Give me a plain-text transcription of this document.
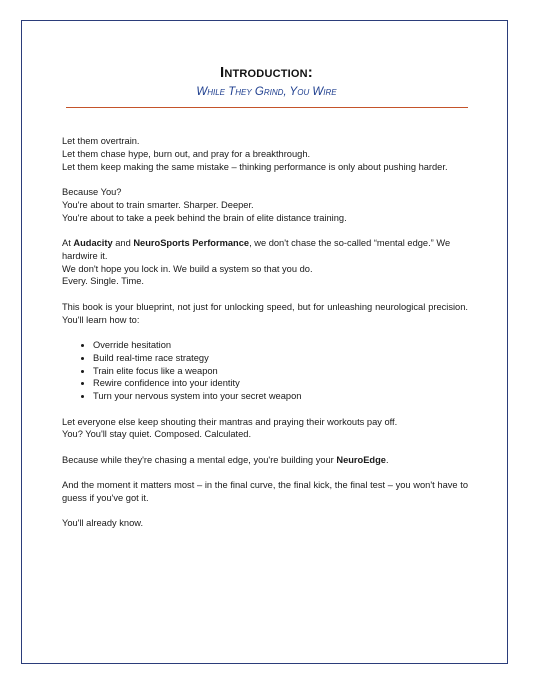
Introduction:
While They Grind, You Wire

Let them overtrain.
Let them chase hype, burn out, and pray for a breakthrough.
Let them keep making the same mistake – thinking performance is only about pushing harder.

Because You?
You're about to train smarter. Sharper. Deeper.
You're about to take a peek behind the brain of elite distance training.

At Audacity and NeuroSports Performance, we don't chase the so-called “mental edge.” We hardwire it.
We don't hope you lock in. We build a system so that you do.
Every. Single. Time.

This book is your blueprint, not just for unlocking speed, but for unleashing neurological precision. You'll learn how to:

• Override hesitation
• Build real-time race strategy
• Train elite focus like a weapon
• Rewire confidence into your identity
• Turn your nervous system into your secret weapon

Let everyone else keep shouting their mantras and praying their workouts pay off.
You? You'll stay quiet. Composed. Calculated.

Because while they're chasing a mental edge, you're building your NeuroEdge.

And the moment it matters most – in the final curve, the final kick, the final test – you won't have to guess if you've got it.

You'll already know.
